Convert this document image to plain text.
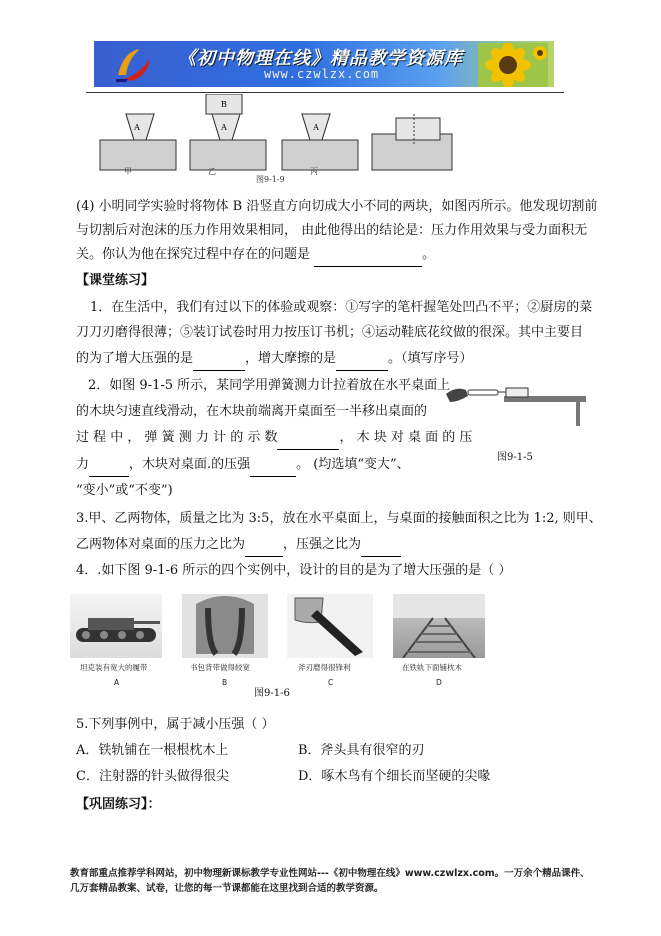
《初中物理在线》精品教学资源库
www.czwlzx.com
A	A
B
A
甲	乙	丙
图9-1-9
(4) 小明同学实验时将物体 B 沿竖直方向切成大小不同的两块，如图丙所示。他发现切割前
与切割后对泡沫的压力作用效果相同， 由此他得出的结论是：压力作用效果与受力面积无
关。你认为他在探究过程中存在的问题是	。
【课堂练习】
1．在生活中，我们有过以下的体验或观察：①写字的笔杆握笔处凹凸不平；②厨房的菜
刀刀刃磨得很薄；⑤装订试卷时用力按压订书机；④运动鞋底花纹做的很深。其中主要目
的为了增大压强的是	，增大摩擦的是	。（填写序号）
2．如图 9-1-5 所示，某同学用弹簧测力计拉着放在水平桌面上
的木块匀速直线滑动，在木块前端离开桌面至一半移出桌面的
过 程 中 ， 弹 簧 测 力 计 的 示 数	， 木 块 对 桌 面 的 压
力	，木块对桌面.的压强	。 (均选填“变大”、
“变小”或“不变”)
图9-1-5
3.甲、乙两物体，质量之比为 3:5，放在水平桌面上，与桌面的接触面积之比为 1:2, 则甲、
乙两物体对桌面的压力之比为	，压强之比为
4．.如下图 9-1-6 所示的四个实例中，设计的目的是为了增大压强的是（ ）
坦克装有宽大的履带	书包背带做得较宽	斧刃磨得很锋利	在铁轨下面铺枕木
A	B	C	D
图9-1-6
5.下列事例中，属于减小压强（ ）
A．铁轨铺在一根根枕木上	B．斧头具有很窄的刃
C．注射器的针头做得很尖	D．啄木鸟有个细长而坚硬的尖喙
【巩固练习】：
教育部重点推荐学科网站，初中物理新课标教学专业性网站---《初中物理在线》www.czwlzx.com。一万余个精品课件、
几万套精品教案、试卷，让您的每一节课都能在这里找到合适的教学资源。
